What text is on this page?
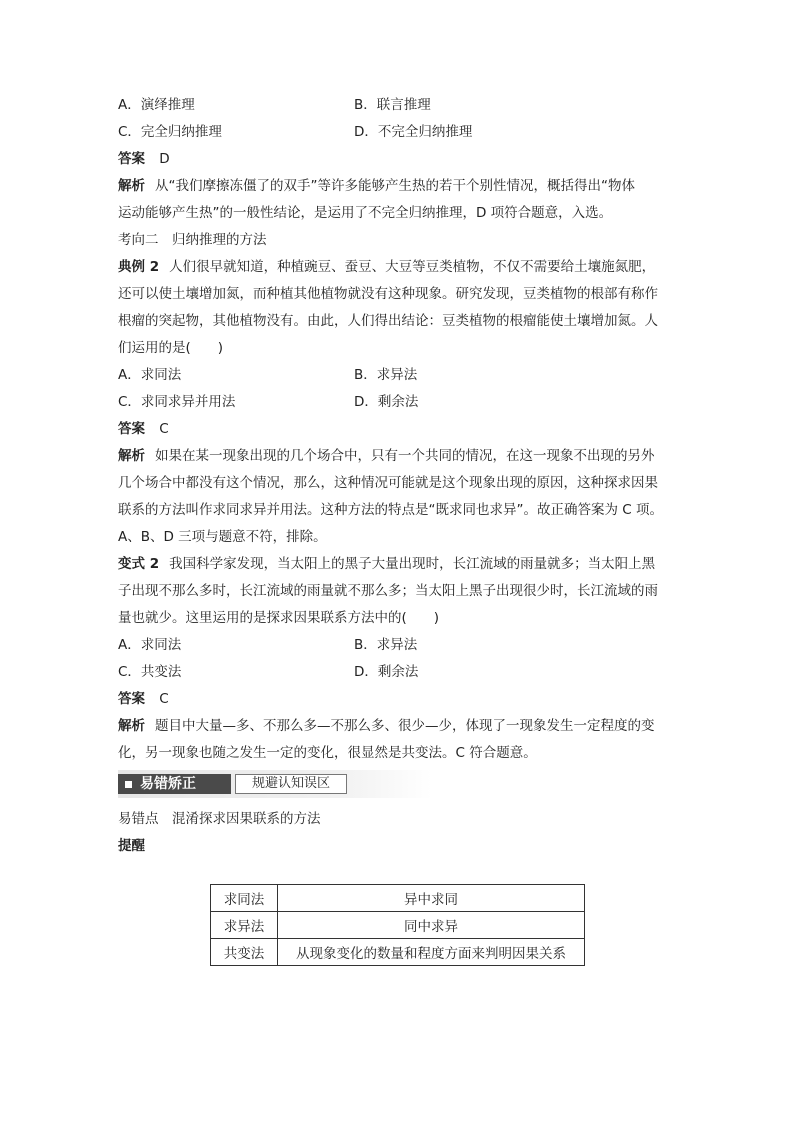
A．演绎推理	B．联言推理
C．完全归纳推理	D．不完全归纳推理
答案 D

解析 从“我们摩擦冻僵了的双手”等许多能够产生热的若干个别性情况，概括得出“物体

运动能够产生热”的一般性结论，是运用了不完全归纳推理，D 项符合题意，入选。

考向二　归纳推理的方法

典例 2 人们很早就知道，种植豌豆、蚕豆、大豆等豆类植物，不仅不需要给土壤施氮肥，

还可以使土壤增加氮，而种植其他植物就没有这种现象。研究发现，豆类植物的根部有称作

根瘤的突起物，其他植物没有。由此，人们得出结论：豆类植物的根瘤能使土壤增加氮。人

们运用的是(　　)

A．求同法	B．求异法
C．求同求异并用法	D．剩余法
答案 C

解析 如果在某一现象出现的几个场合中，只有一个共同的情况，在这一现象不出现的另外

几个场合中都没有这个情况，那么，这种情况可能就是这个现象出现的原因，这种探求因果

联系的方法叫作求同求异并用法。这种方法的特点是“既求同也求异”。故正确答案为 C 项。

A、B、D 三项与题意不符，排除。

变式 2 我国科学家发现，当太阳上的黑子大量出现时，长江流域的雨量就多；当太阳上黑

子出现不那么多时，长江流域的雨量就不那么多；当太阳上黑子出现很少时，长江流域的雨

量也就少。这里运用的是探求因果联系方法中的(　　)

A．求同法	B．求异法
C．共变法	D．剩余法
答案 C

解析 题目中大量—多、不那么多—不那么多、很少—少，体现了一现象发生一定程度的变

化，另一现象也随之发生一定的变化，很显然是共变法。C 符合题意。

易错矫正	规避认知误区
易错点　 混淆探求因果联系的方法
提醒
求同法	异中求同
求异法	同中求异
共变法	从现象变化的数量和程度方面来判明因果关系
